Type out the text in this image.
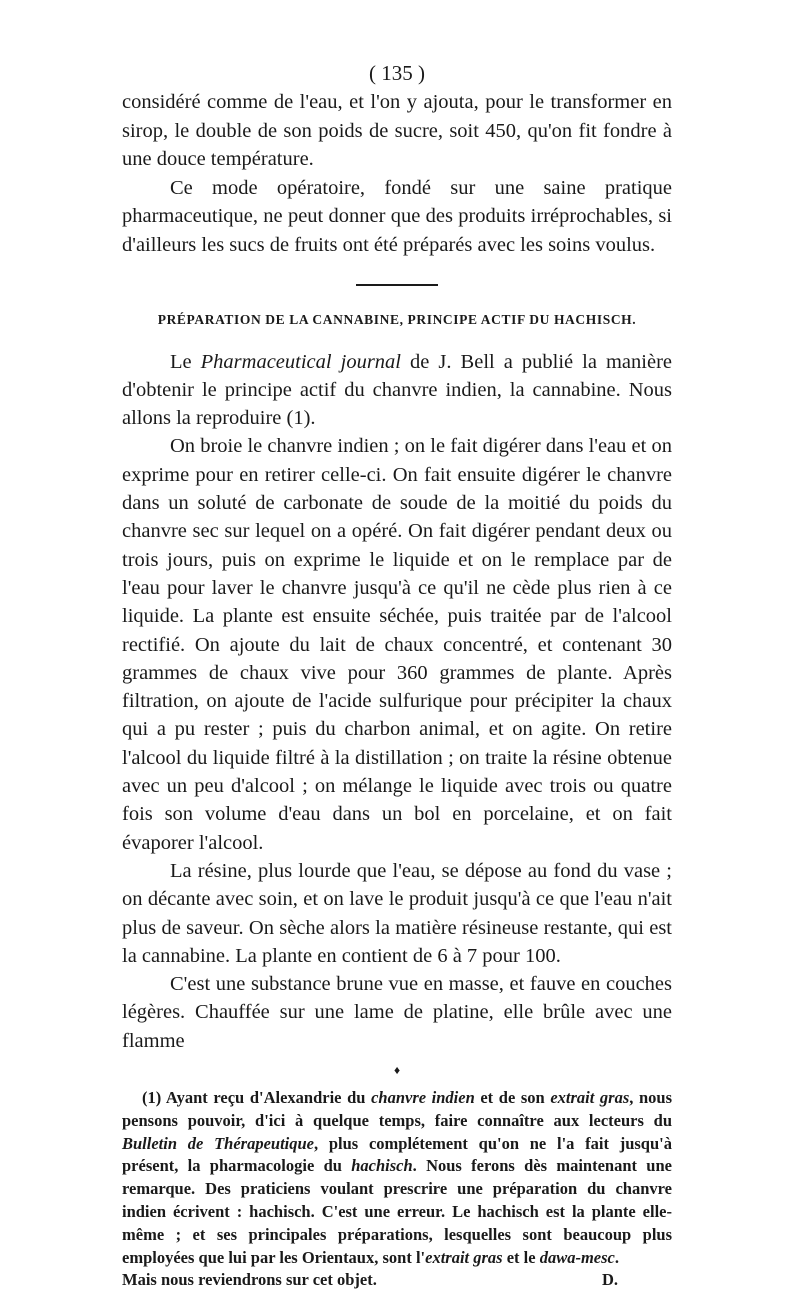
( 135 )

considéré comme de l'eau, et l'on y ajouta, pour le transformer en sirop, le double de son poids de sucre, soit 450, qu'on fit fondre à une douce température.

Ce mode opératoire, fondé sur une saine pratique pharmaceutique, ne peut donner que des produits irréprochables, si d'ailleurs les sucs de fruits ont été préparés avec les soins voulus.

PRÉPARATION DE LA CANNABINE, PRINCIPE ACTIF DU HACHISCH.

Le Pharmaceutical journal de J. Bell a publié la manière d'obtenir le principe actif du chanvre indien, la cannabine. Nous allons la reproduire (1).

On broie le chanvre indien ; on le fait digérer dans l'eau et on exprime pour en retirer celle-ci. On fait ensuite digérer le chanvre dans un soluté de carbonate de soude de la moitié du poids du chanvre sec sur lequel on a opéré. On fait digérer pendant deux ou trois jours, puis on exprime le liquide et on le remplace par de l'eau pour laver le chanvre jusqu'à ce qu'il ne cède plus rien à ce liquide. La plante est ensuite séchée, puis traitée par de l'alcool rectifié. On ajoute du lait de chaux concentré, et contenant 30 grammes de chaux vive pour 360 grammes de plante. Après filtration, on ajoute de l'acide sulfurique pour précipiter la chaux qui a pu rester ; puis du charbon animal, et on agite. On retire l'alcool du liquide filtré à la distillation ; on traite la résine obtenue avec un peu d'alcool ; on mélange le liquide avec trois ou quatre fois son volume d'eau dans un bol en porcelaine, et on fait évaporer l'alcool.

La résine, plus lourde que l'eau, se dépose au fond du vase ; on décante avec soin, et on lave le produit jusqu'à ce que l'eau n'ait plus de saveur. On sèche alors la matière résineuse restante, qui est la cannabine. La plante en contient de 6 à 7 pour 100.

C'est une substance brune vue en masse, et fauve en couches légères. Chauffée sur une lame de platine, elle brûle avec une flamme

♦
(1) Ayant reçu d'Alexandrie du chanvre indien et de son extrait gras, nous pensons pouvoir, d'ici à quelque temps, faire connaître aux lecteurs du Bulletin de Thérapeutique, plus complétement qu'on ne l'a fait jusqu'à présent, la pharmacologie du hachisch. Nous ferons dès maintenant une remarque. Des praticiens voulant prescrire une préparation du chanvre indien écrivent : hachisch. C'est une erreur. Le hachisch est la plante elle-même ; et ses principales préparations, lesquelles sont beaucoup plus employées que lui par les Orientaux, sont l'extrait gras et le dawa-mesc.
Mais nous reviendrons sur cet objet.	D.
